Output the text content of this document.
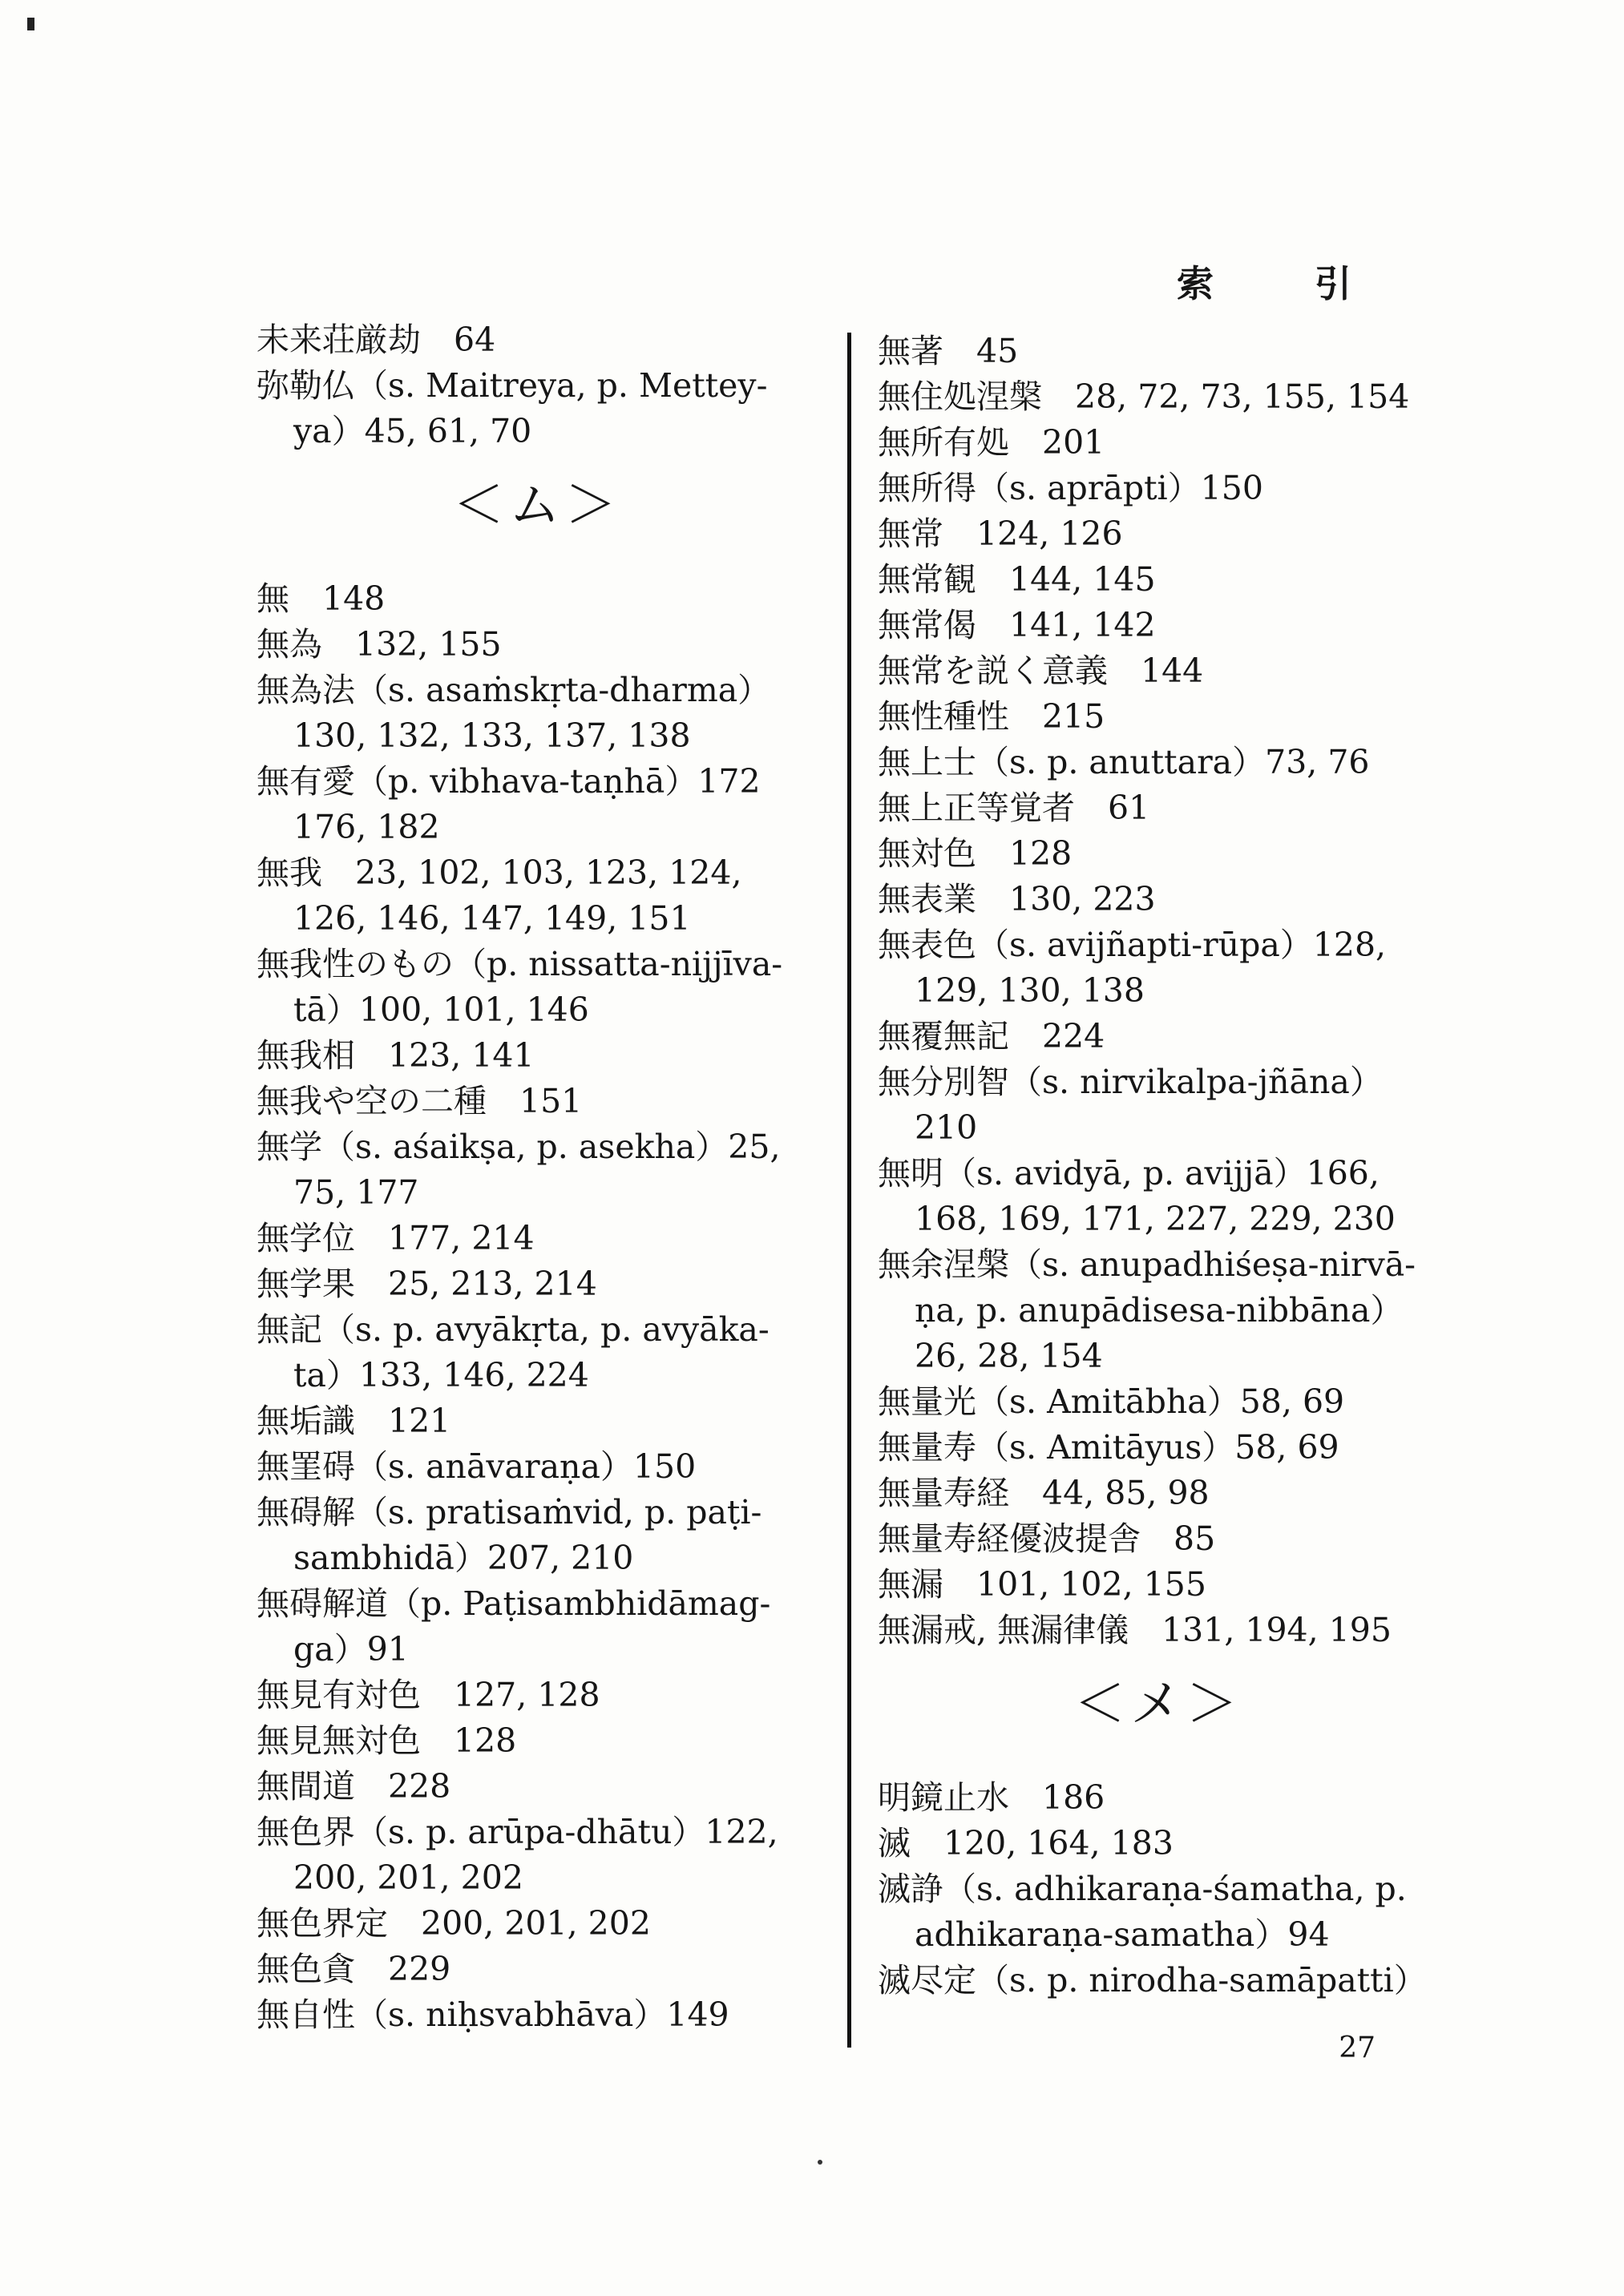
索　引
未来荘厳劫　64
弥勒仏（s. Maitreya, p. Mettey-ya）45, 61, 70
＜ム＞
無　148
無為　132, 155
無為法（s. asaṁskṛta-dharma）130, 132, 133, 137, 138
無有愛（p. vibhava-taṇhā）172 176, 182
無我　23, 102, 103, 123, 124, 126, 146, 147, 149, 151
無我性のもの（p. nissatta-nijjīva-tā）100, 101, 146
無我相　123, 141
無我や空の二種　151
無学（s. aśaikṣa, p. asekha）25, 75, 177
無学位　177, 214
無学果　25, 213, 214
無記（s. p. avyākṛta, p. avyāka-ta）133, 146, 224
無垢識　121
無罣碍（s. anāvaraṇa）150
無碍解（s. pratisaṁvid, p. paṭi-sambhidā）207, 210
無碍解道（p. Paṭisambhidāmag-ga）91
無見有対色　127, 128
無見無対色　128
無間道　228
無色界（s. p. arūpa-dhātu）122, 200, 201, 202
無色界定　200, 201, 202
無色貪　229
無自性（s. niḥsvabhāva）149
無著　45
無住処涅槃　28, 72, 73, 155, 154
無所有処　201
無所得（s. aprāpti）150
無常　124, 126
無常観　144, 145
無常偈　141, 142
無常を説く意義　144
無性種性　215
無上士（s. p. anuttara）73, 76
無上正等覚者　61
無対色　128
無表業　130, 223
無表色（s. avijñapti-rūpa）128, 129, 130, 138
無覆無記　224
無分別智（s. nirvikalpa-jñāna）210
無明（s. avidyā, p. avijjā）166, 168, 169, 171, 227, 229, 230
無余涅槃（s. anupadhiśeṣa-nirvā-ṇa, p. anupādisesa-nibbāna）26, 28, 154
無量光（s. Amitābha）58, 69
無量寿（s. Amitāyus）58, 69
無量寿経　44, 85, 98
無量寿経優波提舎　85
無漏　101, 102, 155
無漏戒, 無漏律儀　131, 194, 195
＜メ＞
明鏡止水　186
滅　120, 164, 183
滅諍（s. adhikaraṇa-śamatha, p. adhikaraṇa-samatha）94
滅尽定（s. p. nirodha-samāpatti）
27
